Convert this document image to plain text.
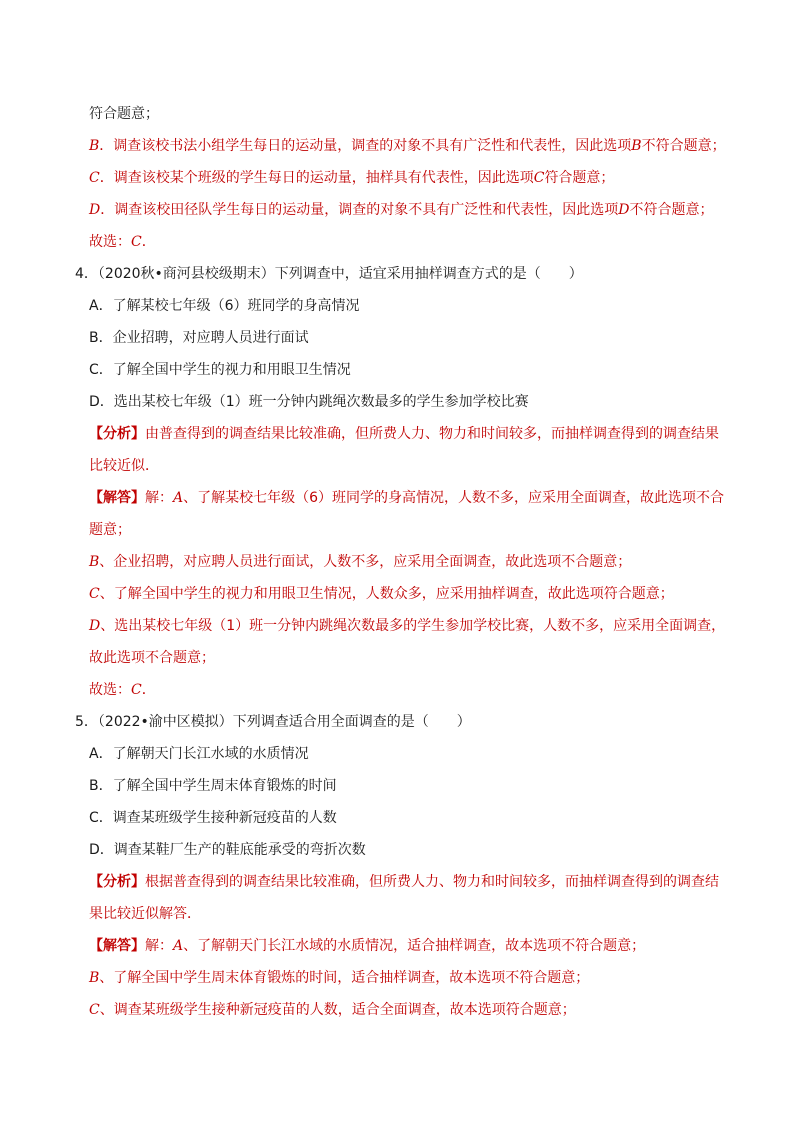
符合题意；
B．调查该校书法小组学生每日的运动量，调查的对象不具有广泛性和代表性，因此选项B不符合题意；
C．调查该校某个班级的学生每日的运动量，抽样具有代表性，因此选项C符合题意；
D．调查该校田径队学生每日的运动量，调查的对象不具有广泛性和代表性，因此选项D不符合题意；
故选：C．
4．（2020秋•商河县校级期末）下列调查中，适宜采用抽样调查方式的是（　　）
A．了解某校七年级（6）班同学的身高情况
B．企业招聘，对应聘人员进行面试
C．了解全国中学生的视力和用眼卫生情况
D．选出某校七年级（1）班一分钟内跳绳次数最多的学生参加学校比赛
【分析】由普查得到的调查结果比较准确，但所费人力、物力和时间较多，而抽样调查得到的调查结果
比较近似．
【解答】解：A、了解某校七年级（6）班同学的身高情况，人数不多，应采用全面调查，故此选项不合
题意；
B、企业招聘，对应聘人员进行面试，人数不多，应采用全面调查，故此选项不合题意；
C、了解全国中学生的视力和用眼卫生情况，人数众多，应采用抽样调查，故此选项符合题意；
D、选出某校七年级（1）班一分钟内跳绳次数最多的学生参加学校比赛，人数不多，应采用全面调查，
故此选项不合题意；
故选：C．
5．（2022•渝中区模拟）下列调查适合用全面调查的是（　　）
A．了解朝天门长江水域的水质情况
B．了解全国中学生周末体育锻炼的时间
C．调查某班级学生接种新冠疫苗的人数
D．调查某鞋厂生产的鞋底能承受的弯折次数
【分析】根据普查得到的调查结果比较准确，但所费人力、物力和时间较多，而抽样调查得到的调查结
果比较近似解答．
【解答】解：A、了解朝天门长江水域的水质情况，适合抽样调查，故本选项不符合题意；
B、了解全国中学生周末体育锻炼的时间，适合抽样调查，故本选项不符合题意；
C、调查某班级学生接种新冠疫苗的人数，适合全面调查，故本选项符合题意；
